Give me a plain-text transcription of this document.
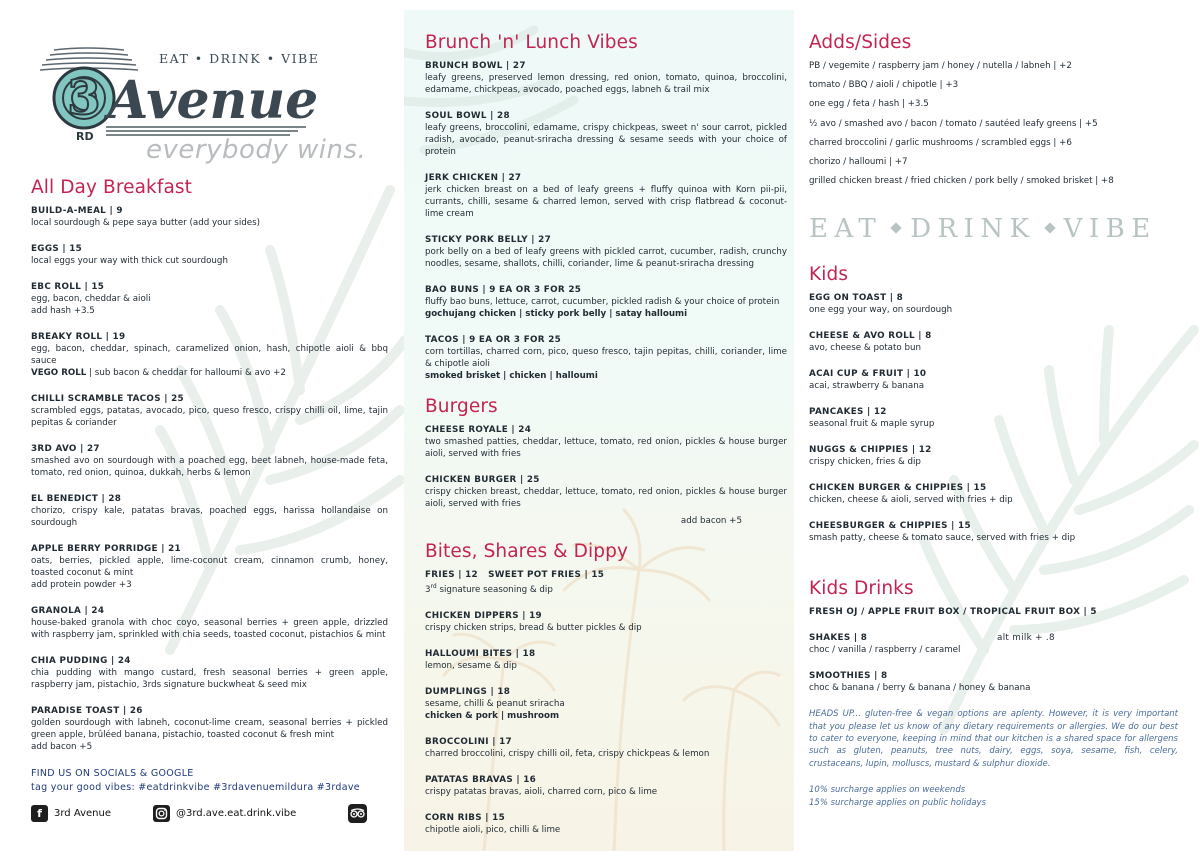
3
EAT • DRINK • VIBE
Avenue
RD everybody wins.
All Day Breakfast
BUILD-A-MEAL | 9
local sourdough & pepe saya butter (add your sides)
EGGS | 15
local eggs your way with thick cut sourdough
EBC ROLL | 15
egg, bacon, cheddar & aioli
add hash +3.5
BREAKY ROLL | 19
egg, bacon, cheddar, spinach, caramelized onion, hash, chipotle aioli & bbq sauce
VEGO ROLL | sub bacon & cheddar for halloumi & avo +2
CHILLI SCRAMBLE TACOS | 25
scrambled eggs, patatas, avocado, pico, queso fresco, crispy chilli oil, lime, tajin pepitas & coriander
3RD AVO | 27
smashed avo on sourdough with a poached egg, beet labneh, house-made feta, tomato, red onion, quinoa, dukkah, herbs & lemon
EL BENEDICT | 28
chorizo, crispy kale, patatas bravas, poached eggs, harissa hollandaise on sourdough
APPLE BERRY PORRIDGE | 21
oats, berries, pickled apple, lime-coconut cream, cinnamon crumb, honey, toasted coconut & mint
add protein powder +3
GRANOLA | 24
house-baked granola with choc coyo, seasonal berries + green apple, drizzled with raspberry jam, sprinkled with chia seeds, toasted coconut, pistachios & mint
CHIA PUDDING | 24
chia pudding with mango custard, fresh seasonal berries + green apple, raspberry jam, pistachio, 3rds signature buckwheat & seed mix
PARADISE TOAST | 26
golden sourdough with labneh, coconut-lime cream, seasonal berries + pickled green apple, brûléed banana, pistachio, toasted coconut & fresh mint
add bacon +5
FIND US ON SOCIALS & GOOGLE
tag your good vibes: #eatdrinkvibe #3rdavenuemildura #3rdave
f	3rd Avenue	@3rd.ave.eat.drink.vibe
Brunch 'n' Lunch Vibes
BRUNCH BOWL | 27
leafy greens, preserved lemon dressing, red onion, tomato, quinoa, broccolini, edamame, chickpeas, avocado, poached eggs, labneh & trail mix
SOUL BOWL | 28
leafy greens, broccolini, edamame, crispy chickpeas, sweet n' sour carrot, pickled radish, avocado, peanut-sriracha dressing & sesame seeds with your choice of protein
JERK CHICKEN | 27
jerk chicken breast on a bed of leafy greens + fluffy quinoa with Korn pii-pii, currants, chilli, sesame & charred lemon, served with crisp flatbread & coconut-lime cream
STICKY PORK BELLY | 27
pork belly on a bed of leafy greens with pickled carrot, cucumber, radish, crunchy noodles, sesame, shallots, chilli, coriander, lime & peanut-sriracha dressing
BAO BUNS | 9 EA OR 3 FOR 25
fluffy bao buns, lettuce, carrot, cucumber, pickled radish & your choice of protein
gochujang chicken | sticky pork belly | satay halloumi
TACOS | 9 EA OR 3 FOR 25
corn tortillas, charred corn, pico, queso fresco, tajin pepitas, chilli, coriander, lime & chipotle aioli
smoked brisket | chicken | halloumi
Burgers
CHEESE ROYALE | 24
two smashed patties, cheddar, lettuce, tomato, red onion, pickles & house burger aioli, served with fries
CHICKEN BURGER | 25
crispy chicken breast, cheddar, lettuce, tomato, red onion, pickles & house burger aioli, served with fries
add bacon +5
Bites, Shares & Dippy
FRIES | 12   SWEET POT FRIES | 15
3rd signature seasoning & dip
CHICKEN DIPPERS | 19
crispy chicken strips, bread & butter pickles & dip
HALLOUMI BITES | 18
lemon, sesame & dip
DUMPLINGS | 18
sesame, chilli & peanut sriracha
chicken & pork | mushroom
BROCCOLINI | 17
charred broccolini, crispy chilli oil, feta, crispy chickpeas & lemon
PATATAS BRAVAS | 16
crispy patatas bravas, aioli, charred corn, pico & lime
CORN RIBS | 15
chipotle aioli, pico, chilli & lime
Adds/Sides
PB / vegemite / raspberry jam / honey / nutella / labneh | +2
tomato / BBQ / aioli / chipotle | +3
one egg / feta / hash | +3.5
½ avo / smashed avo / bacon / tomato / sautéed leafy greens | +5
charred broccolini / garlic mushrooms / scrambled eggs | +6
chorizo / halloumi | +7
grilled chicken breast / fried chicken / pork belly / smoked brisket | +8
EAT DRINK VIBE
Kids
EGG ON TOAST | 8
one egg your way, on sourdough
CHEESE & AVO ROLL | 8
avo, cheese & potato bun
ACAI CUP & FRUIT | 10
acai, strawberry & banana
PANCAKES | 12
seasonal fruit & maple syrup
NUGGS & CHIPPIES | 12
crispy chicken, fries & dip
CHICKEN BURGER & CHIPPIES | 15
chicken, cheese & aioli, served with fries + dip
CHEESBURGER & CHIPPIES | 15
smash patty, cheese & tomato sauce, served with fries + dip
Kids Drinks
FRESH OJ / APPLE FRUIT BOX / TROPICAL FRUIT BOX | 5
SHAKES | 8	alt milk + .8
choc / vanilla / raspberry / caramel
SMOOTHIES | 8
choc & banana / berry & banana / honey & banana
HEADS UP... gluten-free & vegan options are aplenty. However, it is very important that you please let us know of any dietary requirements or allergies. We do our best to cater to everyone, keeping in mind that our kitchen is a shared space for allergens such as gluten, peanuts, tree nuts, dairy, eggs, soya, sesame, fish, celery, crustaceans, lupin, molluscs, mustard & sulphur dioxide.
10% surcharge applies on weekends
15% surcharge applies on public holidays
